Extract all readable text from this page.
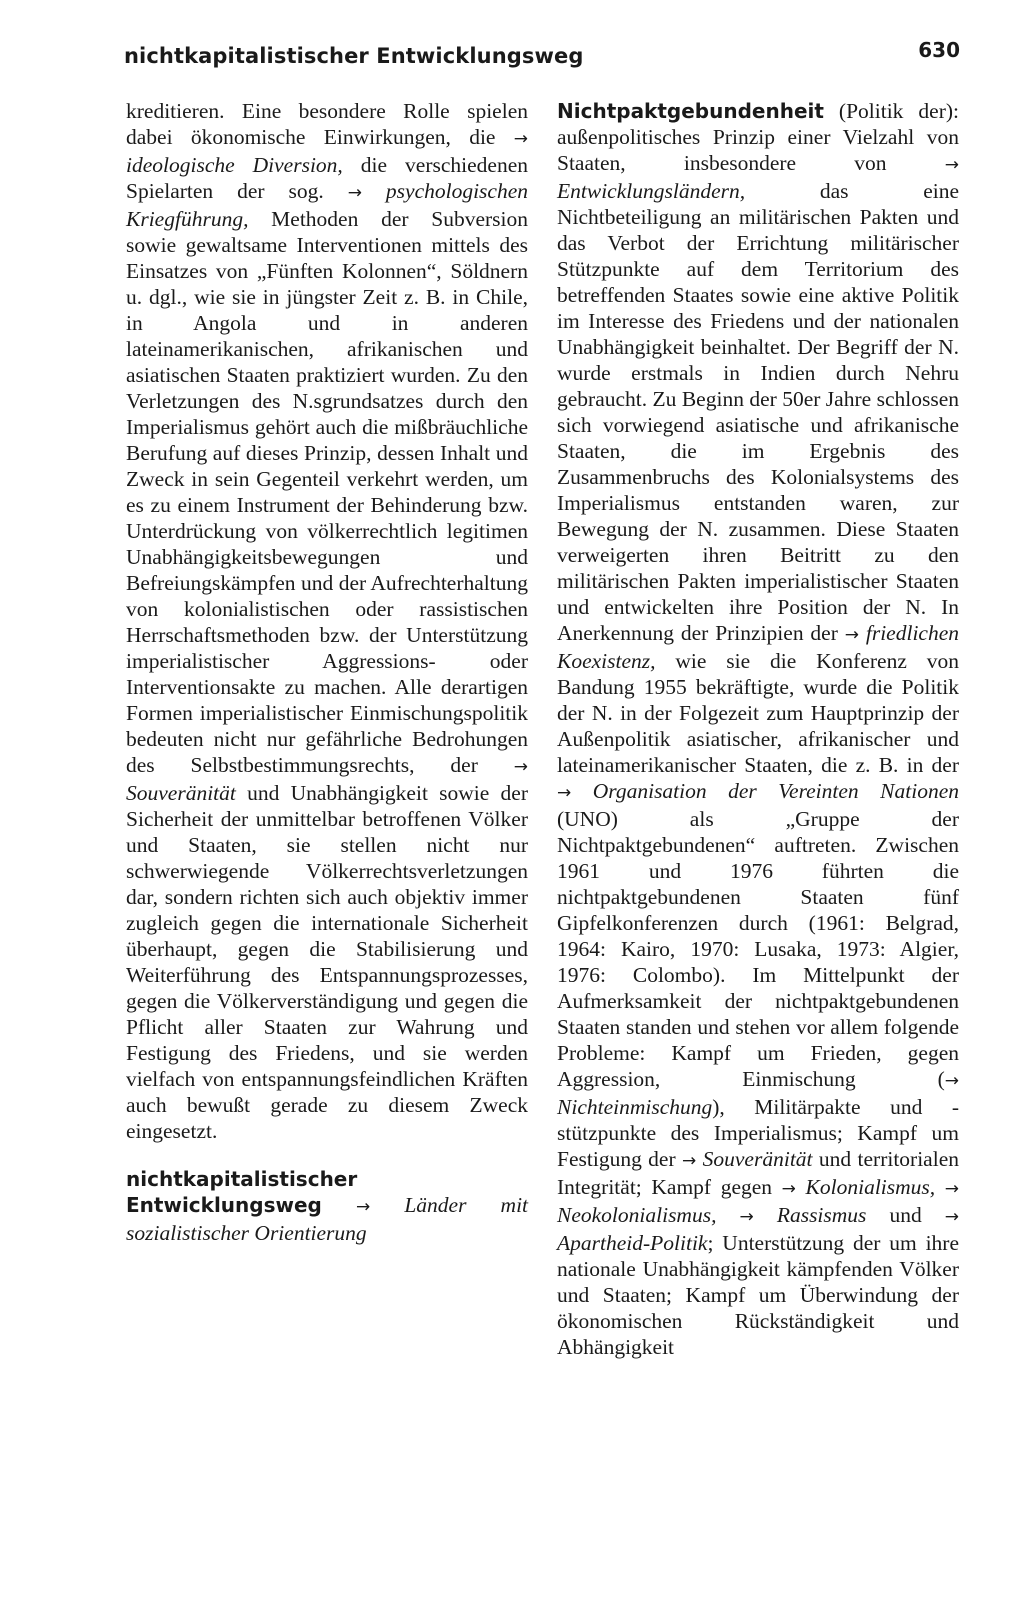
nichtkapitalistischer Entwicklungsweg	630

kreditieren. Eine besondere Rolle spielen dabei ökonomische Einwirkungen, die → ideologische Diversion, die verschiedenen Spielarten der sog. → psychologischen Kriegführung, Methoden der Subversion sowie gewaltsame Interventionen mittels des Einsatzes von „Fünften Kolonnen“, Söldnern u. dgl., wie sie in jüngster Zeit z. B. in Chile, in Angola und in anderen lateinamerikanischen, afrikanischen und asiatischen Staaten praktiziert wurden. Zu den Verletzungen des N.sgrundsatzes durch den Imperialismus gehört auch die mißbräuchliche Berufung auf dieses Prinzip, dessen Inhalt und Zweck in sein Gegenteil verkehrt werden, um es zu einem Instrument der Behinderung bzw. Unterdrückung von völkerrechtlich legitimen Unabhängigkeitsbewegungen und Befreiungskämpfen und der Aufrechterhaltung von kolonialistischen oder rassistischen Herrschaftsmethoden bzw. der Unterstützung imperialistischer Aggressions- oder Interventionsakte zu machen. Alle derartigen Formen imperialistischer Einmischungspolitik bedeuten nicht nur gefährliche Bedrohungen des Selbstbestimmungsrechts, der → Souveränität und Unabhängigkeit sowie der Sicherheit der unmittelbar betroffenen Völker und Staaten, sie stellen nicht nur schwerwiegende Völkerrechtsverletzungen dar, sondern richten sich auch objektiv immer zugleich gegen die internationale Sicherheit überhaupt, gegen die Stabilisierung und Weiterführung des Entspannungsprozesses, gegen die Völkerverständigung und gegen die Pflicht aller Staaten zur Wahrung und Festigung des Friedens, und sie werden vielfach von entspannungsfeindlichen Kräften auch bewußt gerade zu diesem Zweck eingesetzt.

nichtkapitalistischer Entwicklungsweg → Länder mit sozialistischer Orientierung

Nichtpaktgebundenheit (Politik der): außenpolitisches Prinzip einer Vielzahl von Staaten, insbesondere von	→ Entwicklungsländern,	das eine Nichtbeteiligung an militärischen Pakten und das Verbot der Errichtung militärischer Stützpunkte auf dem Territorium des betreffenden Staates sowie eine aktive Politik im Interesse des Friedens und der nationalen Unabhängigkeit beinhaltet. Der Begriff der N. wurde erstmals in Indien durch Nehru gebraucht. Zu Beginn der 50er Jahre schlossen sich vorwiegend asiatische und afrikanische Staaten, die im Ergebnis des Zusammenbruchs des Kolonialsystems des Imperialismus entstanden waren, zur Bewegung der N. zusammen. Diese Staaten verweigerten ihren Beitritt zu den militärischen Pakten imperialistischer Staaten und entwickelten ihre Position der N. In Anerkennung der Prinzipien der → friedlichen Koexistenz, wie sie die Konferenz von Bandung 1955 bekräftigte, wurde die Politik der N. in der Folgezeit zum Hauptprinzip der Außenpolitik asiatischer, afrikanischer und lateinamerikanischer Staaten, die z. B. in der → Organisation der Vereinten Nationen (UNO) als „Gruppe der Nichtpaktgebundenen“ auftreten. Zwischen 1961 und 1976 führten die nichtpaktgebundenen Staaten fünf Gipfelkonferenzen durch (1961: Belgrad, 1964: Kairo, 1970: Lusaka, 1973: Algier, 1976: Colombo). Im Mittelpunkt der Aufmerksamkeit der nichtpaktgebundenen Staaten standen und stehen vor allem folgende Probleme: Kampf um Frieden, gegen Aggression, Einmischung (→ Nichteinmischung), Militärpakte und -stützpunkte des Imperialismus; Kampf um Festigung der → Souveränität und territorialen Integrität; Kampf gegen → Kolonialismus, → Neokolonialismus, → Rassismus und → Apartheid-Politik; Unterstützung der um ihre nationale Unabhängigkeit kämpfenden Völker und Staaten; Kampf um Überwindung der ökonomischen Rückständigkeit und Abhängigkeit
